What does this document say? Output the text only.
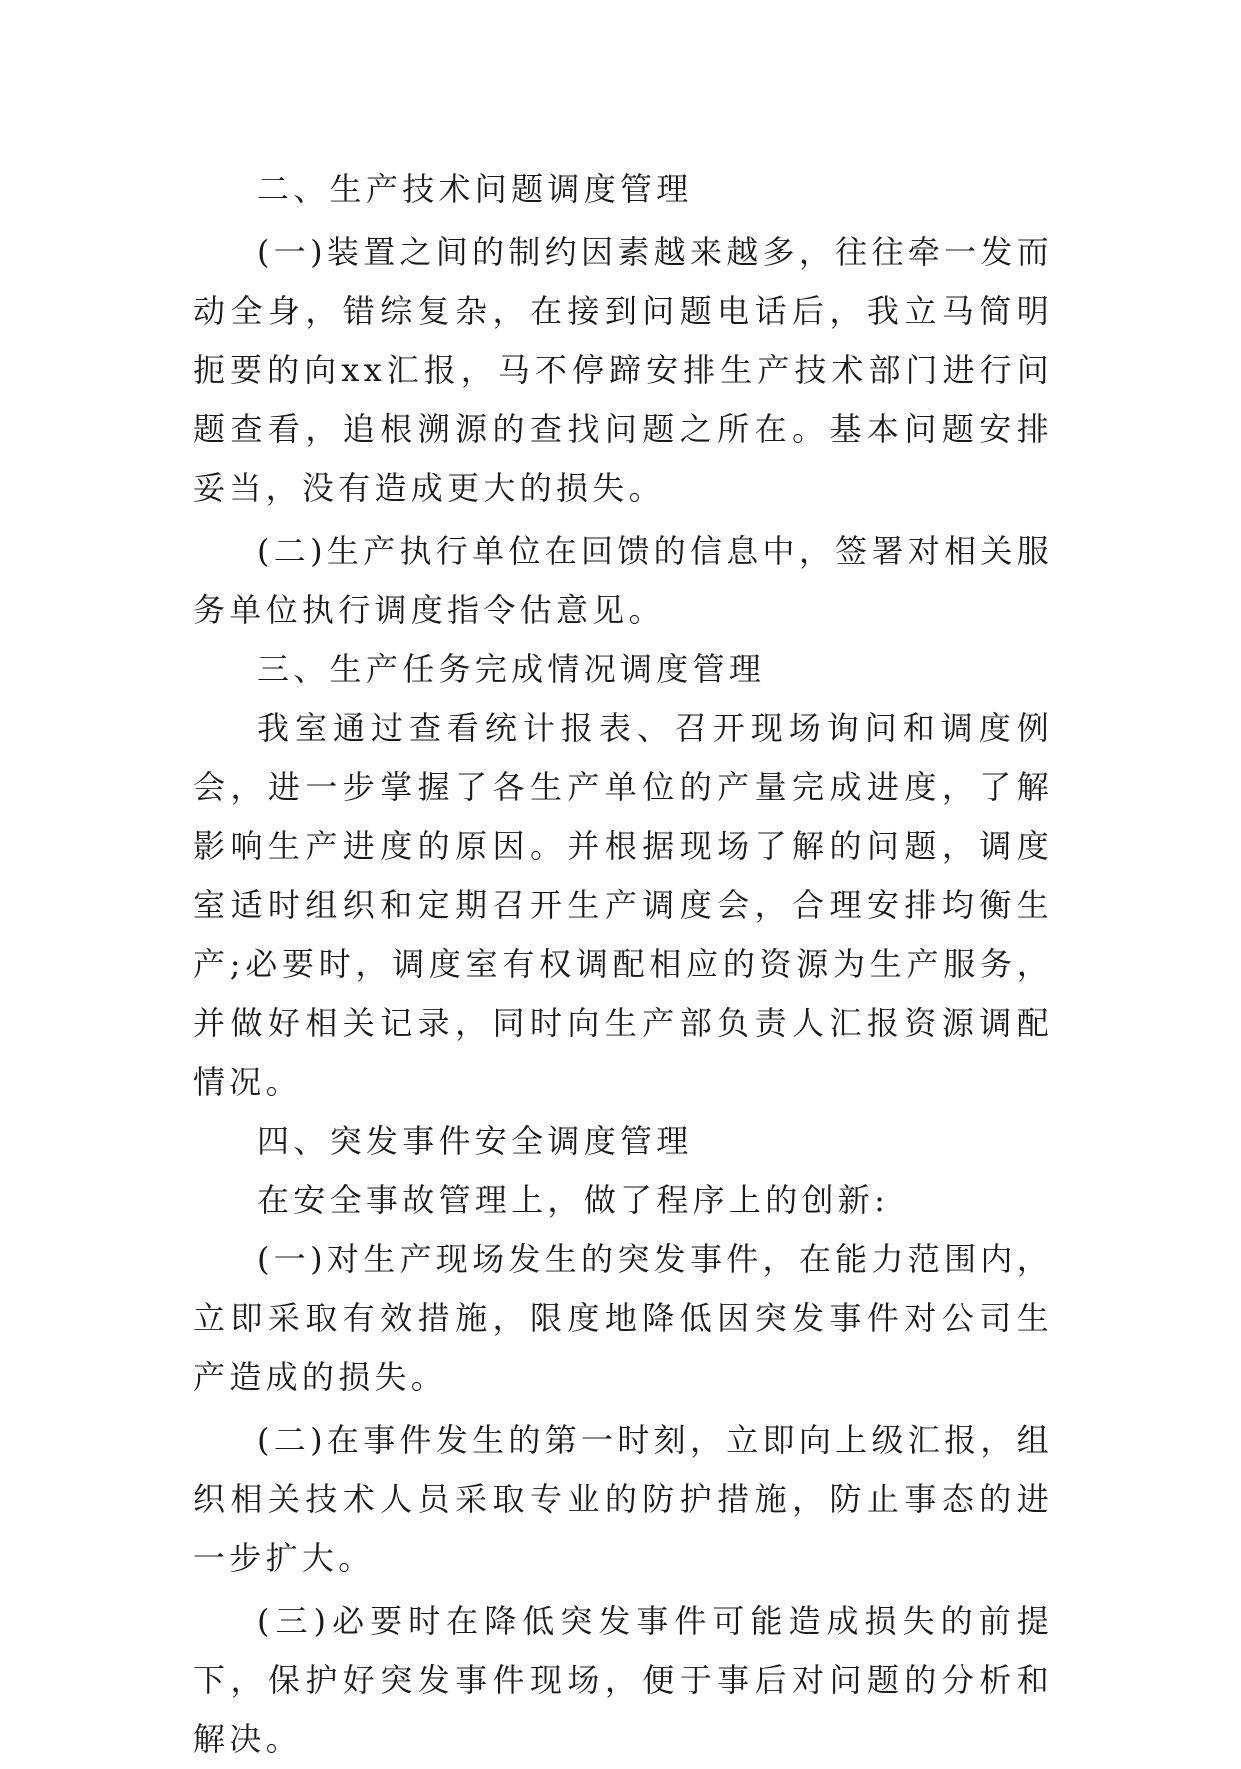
二、生产技术问题调度管理

(一)装置之间的制约因素越来越多，往往牵一发而动全身，错综复杂，在接到问题电话后，我立马简明扼要的向xx汇报，马不停蹄安排生产技术部门进行问题查看，追根溯源的查找问题之所在。基本问题安排妥当，没有造成更大的损失。

(二)生产执行单位在回馈的信息中，签署对相关服务单位执行调度指令估意见。

三、生产任务完成情况调度管理

我室通过查看统计报表、召开现场询问和调度例会，进一步掌握了各生产单位的产量完成进度，了解影响生产进度的原因。并根据现场了解的问题，调度室适时组织和定期召开生产调度会，合理安排均衡生产;必要时，调度室有权调配相应的资源为生产服务，并做好相关记录，同时向生产部负责人汇报资源调配情况。

四、突发事件安全调度管理

在安全事故管理上，做了程序上的创新:

(一)对生产现场发生的突发事件，在能力范围内，立即采取有效措施，限度地降低因突发事件对公司生产造成的损失。

(二)在事件发生的第一时刻，立即向上级汇报，组织相关技术人员采取专业的防护措施，防止事态的进一步扩大。

(三)必要时在降低突发事件可能造成损失的前提下，保护好突发事件现场，便于事后对问题的分析和解决。
